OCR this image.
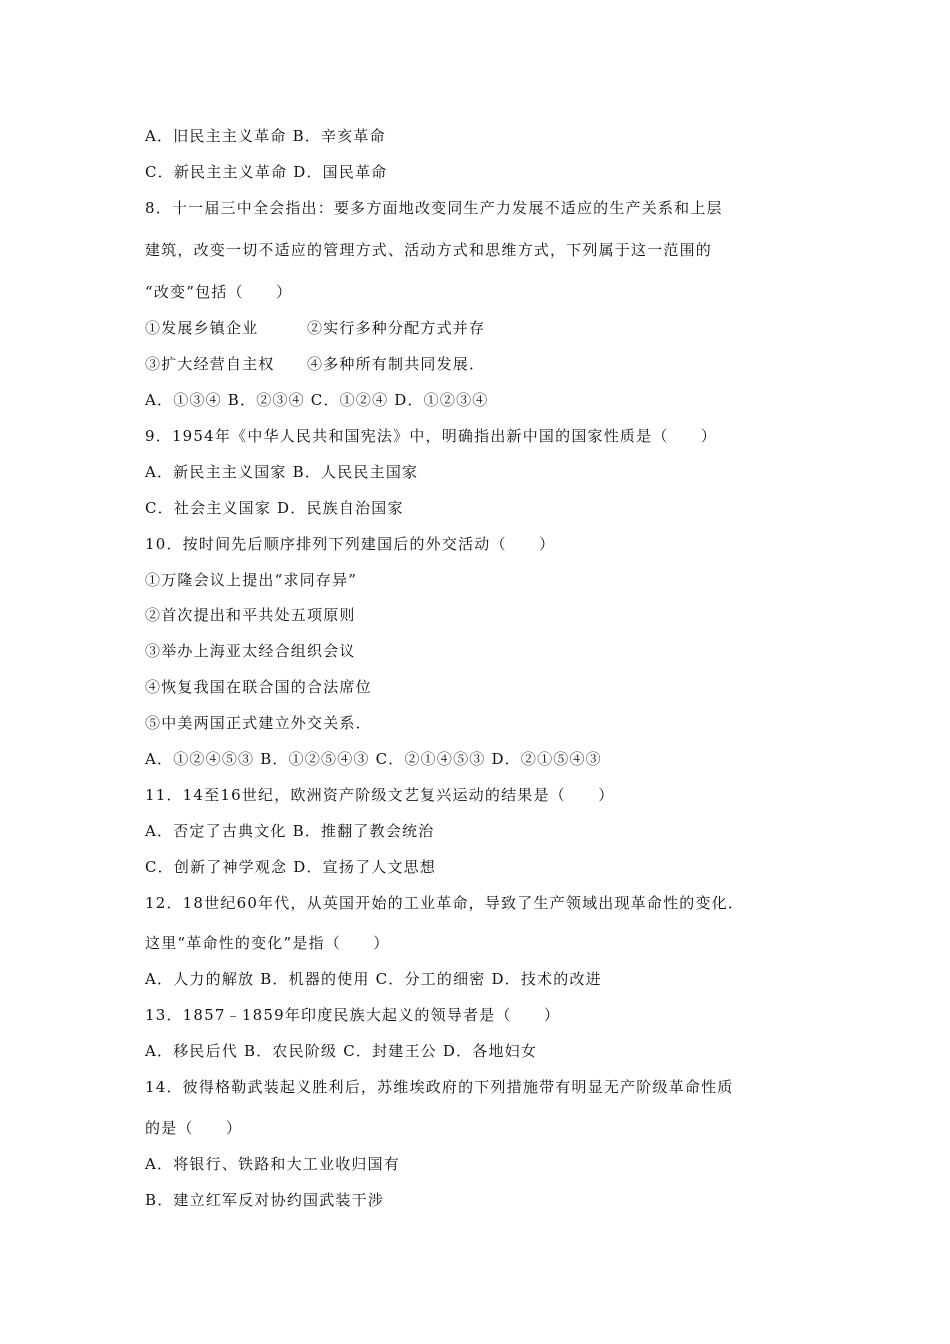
A．旧民主主义革命 B．辛亥革命
C．新民主主义革命 D．国民革命
8．十一届三中全会指出：要多方面地改变同生产力发展不适应的生产关系和上层
建筑，改变一切不适应的管理方式、活动方式和思维方式，下列属于这一范围的
“改变”包括（　　）
①发展乡镇企业　　　②实行多种分配方式并存
③扩大经营自主权　　④多种所有制共同发展．
A．①③④ B．②③④ C．①②④ D．①②③④
9．1954年《中华人民共和国宪法》中，明确指出新中国的国家性质是（　　）
A．新民主主义国家 B．人民民主国家
C．社会主义国家 D．民族自治国家
10．按时间先后顺序排列下列建国后的外交活动（　　）
①万隆会议上提出“求同存异”
②首次提出和平共处五项原则
③举办上海亚太经合组织会议
④恢复我国在联合国的合法席位
⑤中美两国正式建立外交关系．
A．①②④⑤③ B．①②⑤④③ C．②①④⑤③ D．②①⑤④③
11．14至16世纪，欧洲资产阶级文艺复兴运动的结果是（　　）
A．否定了古典文化 B．推翻了教会统治
C．创新了神学观念 D．宣扬了人文思想
12．18世纪60年代，从英国开始的工业革命，导致了生产领域出现革命性的变化．
这里“革命性的变化”是指（　　）
A．人力的解放 B．机器的使用 C．分工的细密 D．技术的改进
13．1857﹣1859年印度民族大起义的领导者是（　　）
A．移民后代 B．农民阶级 C．封建王公 D．各地妇女
14．彼得格勒武装起义胜利后，苏维埃政府的下列措施带有明显无产阶级革命性质
的是（　　）
A．将银行、铁路和大工业收归国有
B．建立红军反对协约国武装干涉
